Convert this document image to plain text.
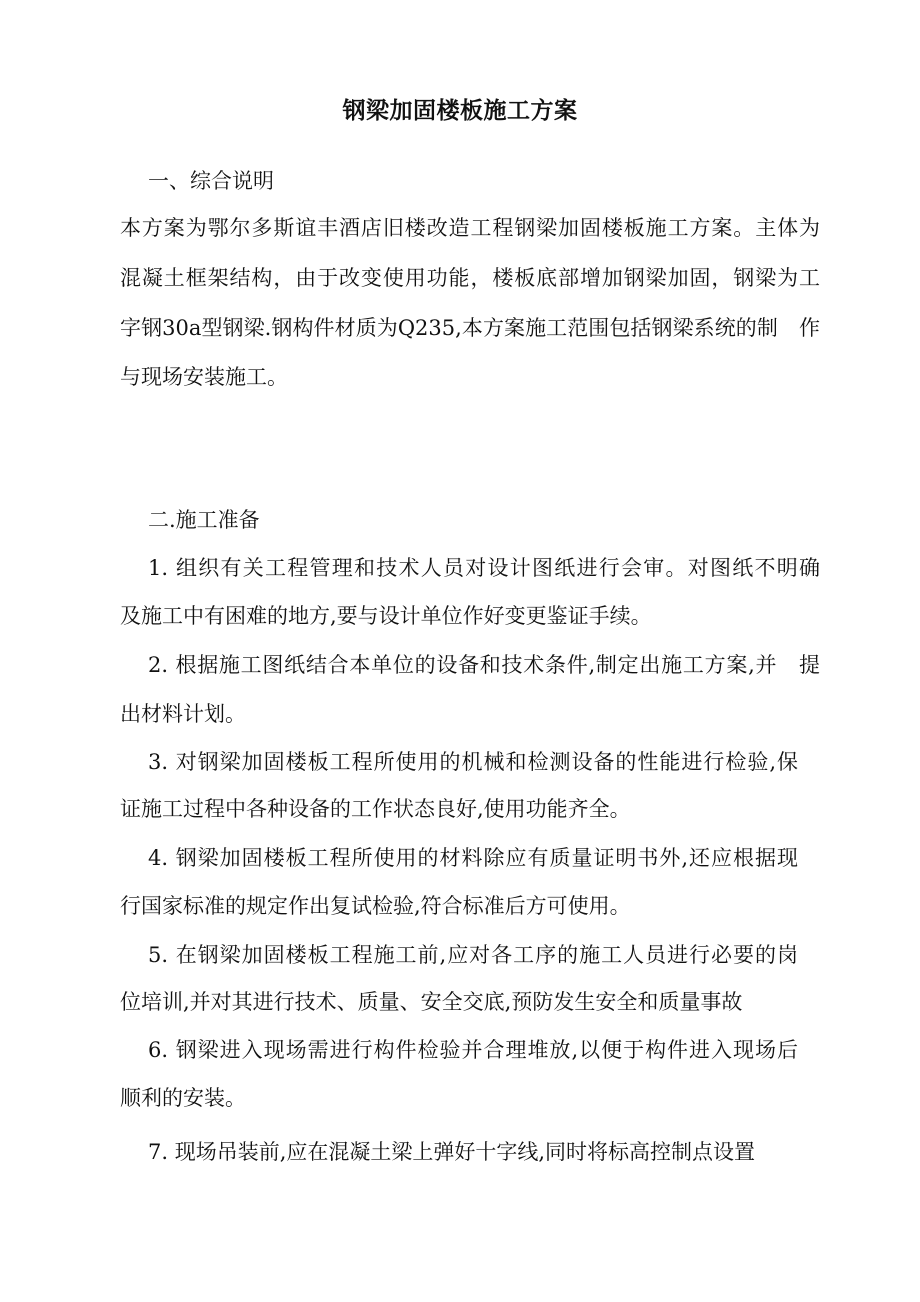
钢梁加固楼板施工方案
一、综合说明
本方案为鄂尔多斯谊丰酒店旧楼改造工程钢梁加固楼板施工方案。主体为
混凝土框架结构，由于改变使用功能，楼板底部增加钢梁加固，钢梁为工
字钢30a型钢梁.钢构件材质为Q235,本方案施工范围包括钢梁系统的制　作
与现场安装施工。
二.施工准备
1. 组织有关工程管理和技术人员对设计图纸进行会审。对图纸不明确
及施工中有困难的地方,要与设计单位作好变更鉴证手续。
2. 根据施工图纸结合本单位的设备和技术条件,制定出施工方案,并　提
出材料计划。
3. 对钢梁加固楼板工程所使用的机械和检测设备的性能进行检验,保
证施工过程中各种设备的工作状态良好,使用功能齐全。
4. 钢梁加固楼板工程所使用的材料除应有质量证明书外,还应根据现
行国家标准的规定作出复试检验,符合标准后方可使用。
5. 在钢梁加固楼板工程施工前,应对各工序的施工人员进行必要的岗
位培训,并对其进行技术、质量、安全交底,预防发生安全和质量事故
6. 钢梁进入现场需进行构件检验并合理堆放,以便于构件进入现场后
顺利的安装。
7. 现场吊装前,应在混凝土梁上弹好十字线,同时将标高控制点设置
